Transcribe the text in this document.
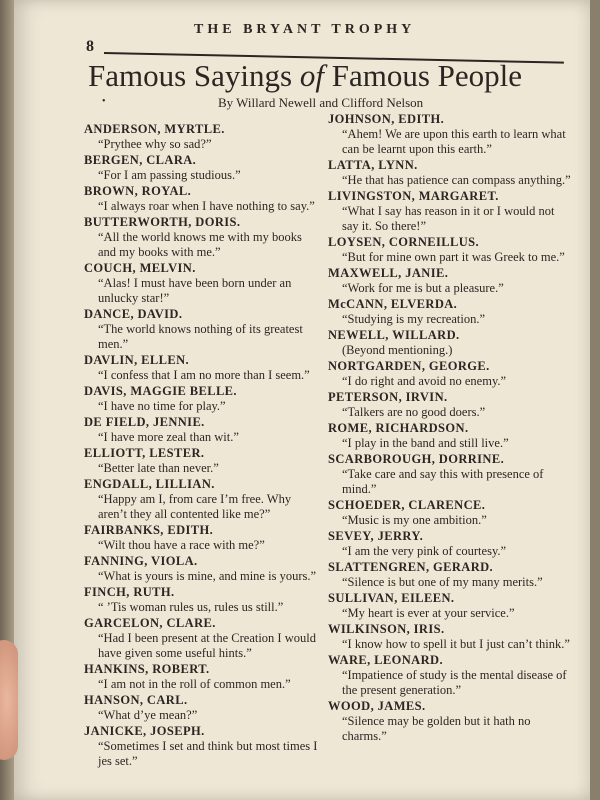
THE BRYANT TROPHY
8
Famous Sayings of Famous People
•	By Willard Newell and Clifford Nelson
ANDERSON, MYRTLE.
“Prythee why so sad?”
BERGEN, CLARA.
“For I am passing studious.”
BROWN, ROYAL.
“I always roar when I have nothing to say.”
BUTTERWORTH, DORIS.
“All the world knows me with my books and my books with me.”
COUCH, MELVIN.
“Alas! I must have been born under an unlucky star!”
DANCE, DAVID.
“The world knows nothing of its greatest men.”
DAVLIN, ELLEN.
“I confess that I am no more than I seem.”
DAVIS, MAGGIE BELLE.
“I have no time for play.”
DE FIELD, JENNIE.
“I have more zeal than wit.”
ELLIOTT, LESTER.
“Better late than never.”
ENGDALL, LILLIAN.
“Happy am I, from care I’m free. Why aren’t they all contented like me?”
FAIRBANKS, EDITH.
“Wilt thou have a race with me?”
FANNING, VIOLA.
“What is yours is mine, and mine is yours.”
FINCH, RUTH.
“ ’Tis woman rules us, rules us still.”
GARCELON, CLARE.
“Had I been present at the Creation I would have given some useful hints.”
HANKINS, ROBERT.
“I am not in the roll of common men.”
HANSON, CARL.
“What d’ye mean?”
JANICKE, JOSEPH.
“Sometimes I set and think but most times I jes set.”
JOHNSON, EDITH.
“Ahem! We are upon this earth to learn what can be learnt upon this earth.”
LATTA, LYNN.
“He that has patience can compass anything.”
LIVINGSTON, MARGARET.
“What I say has reason in it or I would not say it. So there!”
LOYSEN, CORNEILLUS.
“But for mine own part it was Greek to me.”
MAXWELL, JANIE.
“Work for me is but a pleasure.”
McCANN, ELVERDA.
“Studying is my recreation.”
NEWELL, WILLARD.
(Beyond mentioning.)
NORTGARDEN, GEORGE.
“I do right and avoid no enemy.”
PETERSON, IRVIN.
“Talkers are no good doers.”
ROME, RICHARDSON.
“I play in the band and still live.”
SCARBOROUGH, DORRINE.
“Take care and say this with presence of mind.”
SCHOEDER, CLARENCE.
“Music is my one ambition.”
SEVEY, JERRY.
“I am the very pink of courtesy.”
SLATTENGREN, GERARD.
“Silence is but one of my many merits.”
SULLIVAN, EILEEN.
“My heart is ever at your service.”
WILKINSON, IRIS.
“I know how to spell it but I just can’t think.”
WARE, LEONARD.
“Impatience of study is the mental disease of the present generation.”
WOOD, JAMES.
“Silence may be golden but it hath no charms.”
